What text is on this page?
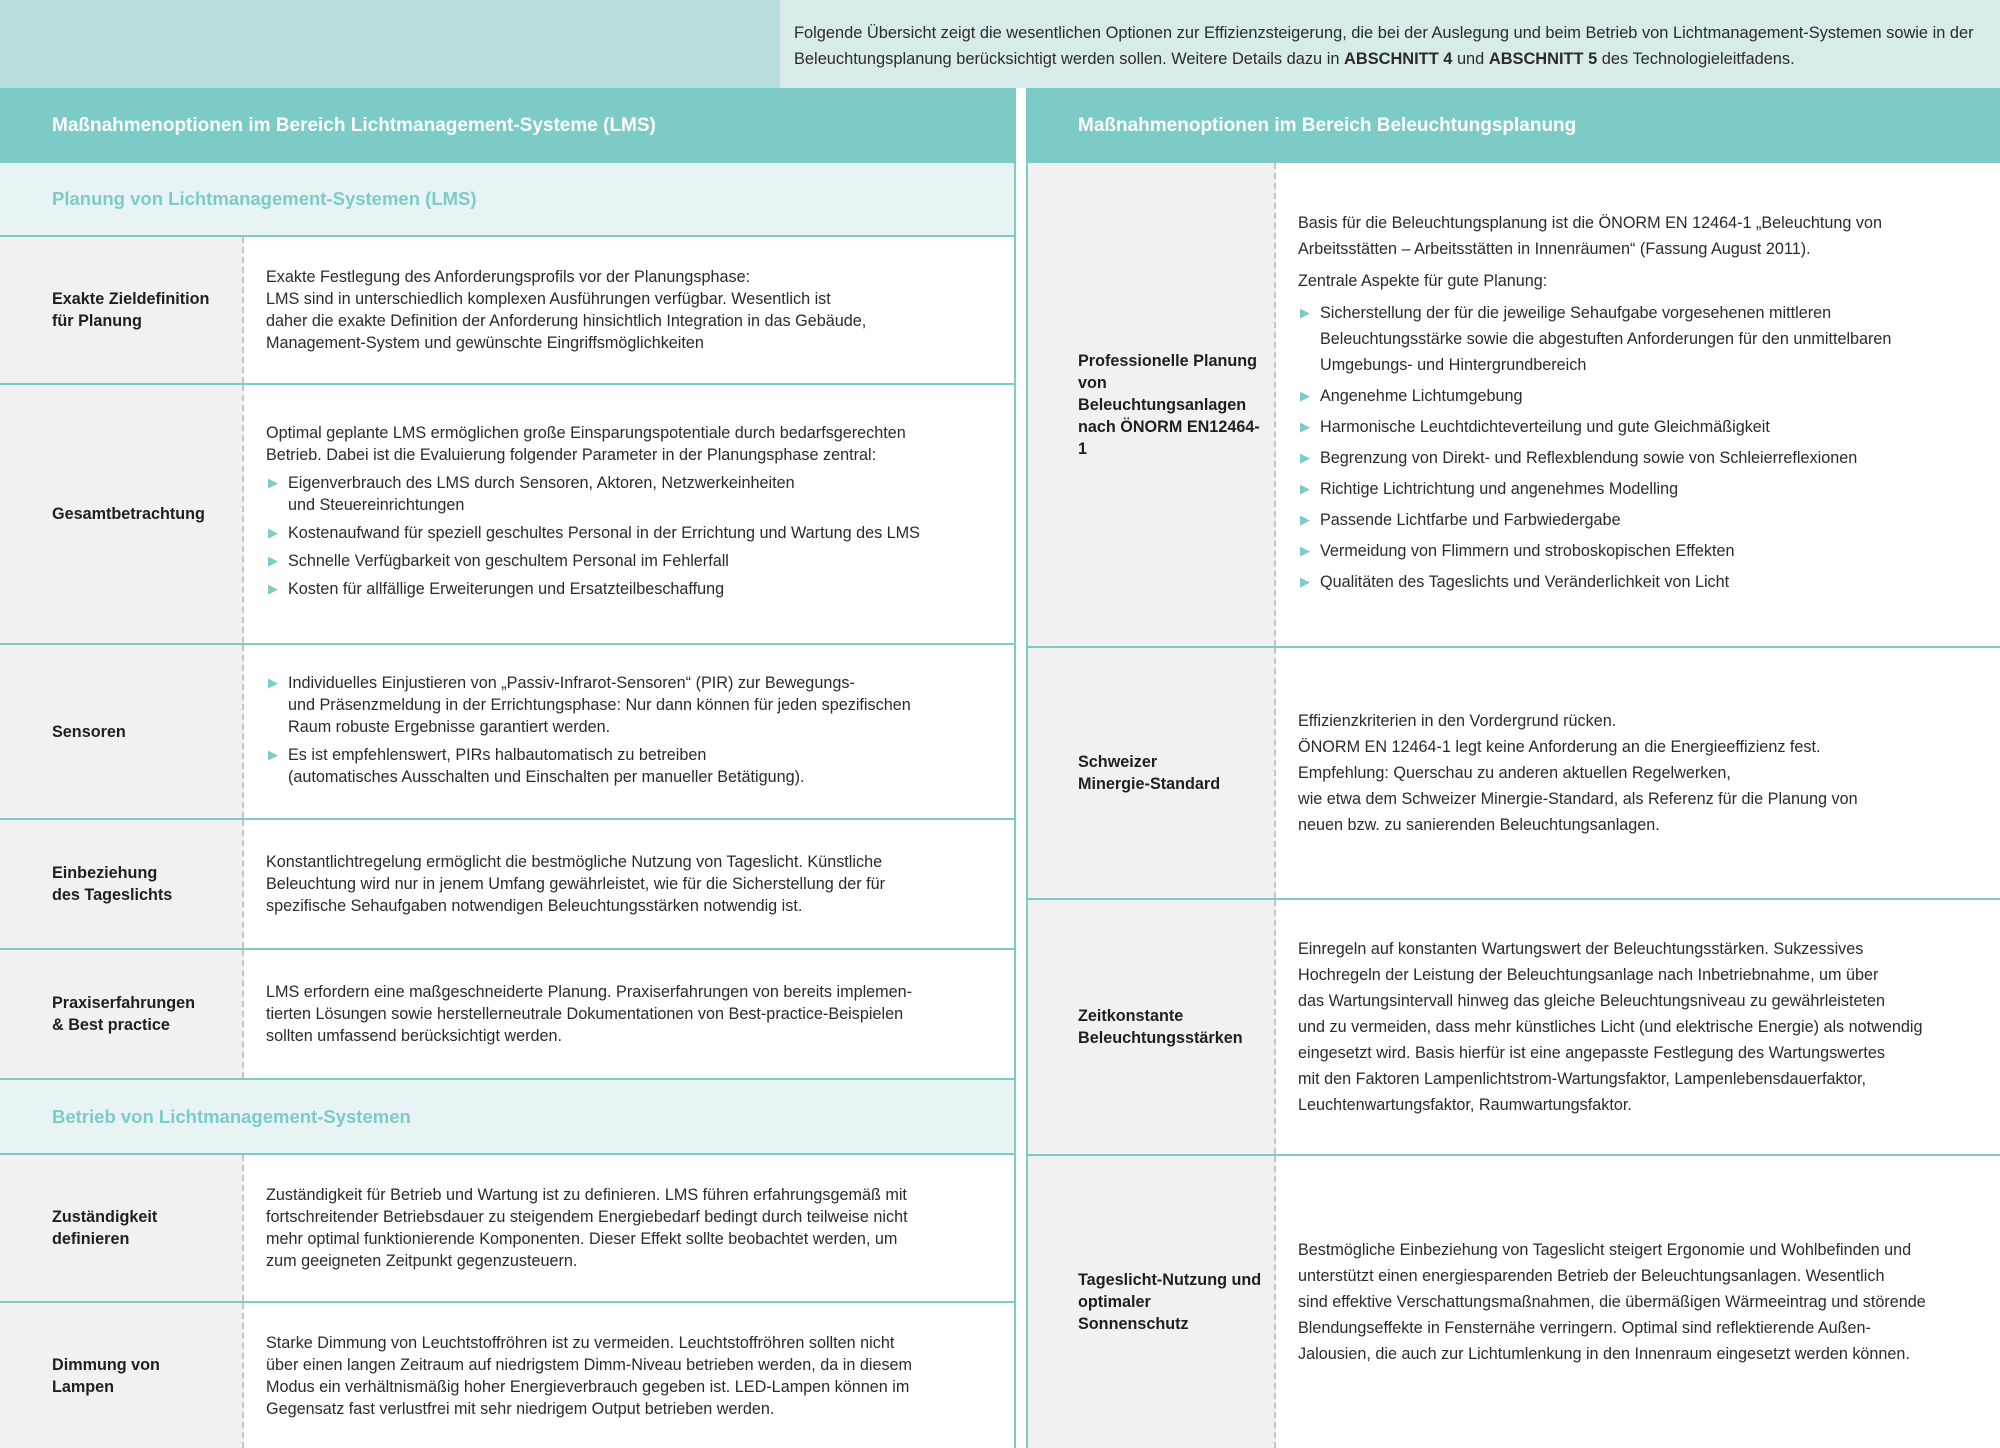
Folgende Übersicht zeigt die wesentlichen Optionen zur Effizienzsteigerung, die bei der Auslegung und beim Betrieb von Lichtmanagement-Systemen sowie in der Beleuchtungsplanung berücksichtigt werden sollen. Weitere Details dazu in ABSCHNITT 4 und ABSCHNITT 5 des Technologieleitfadens.
Maßnahmenoptionen im Bereich Lichtmanagement-Systeme (LMS)	Maßnahmenoptionen im Bereich Beleuchtungsplanung
Planung von Lichtmanagement-Systemen (LMS)
Exakte Zieldefinition
für Planung

Exakte Festlegung des Anforderungsprofils vor der Planungsphase:
LMS sind in unterschiedlich komplexen Ausführungen verfügbar. Wesentlich ist
daher die exakte Definition der Anforderung hinsichtlich Integration in das Gebäude,
Management-System und gewünschte Eingriffsmöglichkeiten

Gesamtbetrachtung

Optimal geplante LMS ermöglichen große Einsparungspotentiale durch bedarfsgerechten
Betrieb. Dabei ist die Evaluierung folgender Parameter in der Planungsphase zentral:

▶ Eigenverbrauch des LMS durch Sensoren, Aktoren, Netzwerkeinheiten
und Steuereinrichtungen
▶ Kostenaufwand für speziell geschultes Personal in der Errichtung und Wartung des LMS
▶ Schnelle Verfügbarkeit von geschultem Personal im Fehlerfall
▶ Kosten für allfällige Erweiterungen und Ersatzteilbeschaffung
Sensoren
▶ Individuelles Einjustieren von „Passiv-Infrarot-Sensoren“ (PIR) zur Bewegungs-
und Präsenzmeldung in der Errichtungsphase: Nur dann können für jeden spezifischen
Raum robuste Ergebnisse garantiert werden.
▶ Es ist empfehlenswert, PIRs halbautomatisch zu betreiben
(automatisches Ausschalten und Einschalten per manueller Betätigung).
Einbeziehung
des Tageslichts

Konstantlichtregelung ermöglicht die bestmögliche Nutzung von Tageslicht. Künstliche
Beleuchtung wird nur in jenem Umfang gewährleistet, wie für die Sicherstellung der für
spezifische Sehaufgaben notwendigen Beleuchtungsstärken notwendig ist.

Praxiserfahrungen
& Best practice

LMS erfordern eine maßgeschneiderte Planung. Praxiserfahrungen von bereits implemen-
tierten Lösungen sowie herstellerneutrale Dokumentationen von Best-practice-Beispielen
sollten umfassend berücksichtigt werden.

Betrieb von Lichtmanagement-Systemen
Zuständigkeit
definieren

Zuständigkeit für Betrieb und Wartung ist zu definieren. LMS führen erfahrungsgemäß mit
fortschreitender Betriebsdauer zu steigendem Energiebedarf bedingt durch teilweise nicht
mehr optimal funktionierende Komponenten. Dieser Effekt sollte beobachtet werden, um
zum geeigneten Zeitpunkt gegenzusteuern.

Dimmung von
Lampen

Starke Dimmung von Leuchtstoffröhren ist zu vermeiden. Leuchtstoffröhren sollten nicht
über einen langen Zeitraum auf niedrigstem Dimm-Niveau betrieben werden, da in diesem
Modus ein verhältnismäßig hoher Energieverbrauch gegeben ist. LED-Lampen können im
Gegensatz fast verlustfrei mit sehr niedrigem Output betrieben werden.

Professionelle Planung
von Beleuchtungsanlagen
nach ÖNORM EN12464-1

Basis für die Beleuchtungsplanung ist die ÖNORM EN 12464-1 „Beleuchtung von
Arbeitsstätten – Arbeitsstätten in Innenräumen“ (Fassung August 2011).

Zentrale Aspekte für gute Planung:

▶ Sicherstellung der für die jeweilige Sehaufgabe vorgesehenen mittleren
Beleuchtungsstärke sowie die abgestuften Anforderungen für den unmittelbaren
Umgebungs- und Hintergrundbereich
▶ Angenehme Lichtumgebung
▶ Harmonische Leuchtdichteverteilung und gute Gleichmäßigkeit
▶ Begrenzung von Direkt- und Reflexblendung sowie von Schleierreflexionen
▶ Richtige Lichtrichtung und angenehmes Modelling
▶ Passende Lichtfarbe und Farbwiedergabe
▶ Vermeidung von Flimmern und stroboskopischen Effekten
▶ Qualitäten des Tageslichts und Veränderlichkeit von Licht
Schweizer
Minergie-Standard

Effizienzkriterien in den Vordergrund rücken.
ÖNORM EN 12464-1 legt keine Anforderung an die Energieeffizienz fest.
Empfehlung: Querschau zu anderen aktuellen Regelwerken,
wie etwa dem Schweizer Minergie-Standard, als Referenz für die Planung von
neuen bzw. zu sanierenden Beleuchtungsanlagen.

Zeitkonstante
Beleuchtungsstärken

Einregeln auf konstanten Wartungswert der Beleuchtungsstärken. Sukzessives
Hochregeln der Leistung der Beleuchtungsanlage nach Inbetriebnahme, um über
das Wartungsintervall hinweg das gleiche Beleuchtungsniveau zu gewährleisteten
und zu vermeiden, dass mehr künstliches Licht (und elektrische Energie) als notwendig
eingesetzt wird. Basis hierfür ist eine angepasste Festlegung des Wartungswertes
mit den Faktoren Lampenlichtstrom-Wartungsfaktor, Lampenlebensdauerfaktor,
Leuchtenwartungsfaktor, Raumwartungsfaktor.

Tageslicht-Nutzung und
optimaler Sonnenschutz

Bestmögliche Einbeziehung von Tageslicht steigert Ergonomie und Wohlbefinden und
unterstützt einen energiesparenden Betrieb der Beleuchtungsanlagen. Wesentlich
sind effektive Verschattungsmaßnahmen, die übermäßigen Wärmeeintrag und störende
Blendungseffekte in Fensternähe verringern. Optimal sind reflektierende Außen-
Jalousien, die auch zur Lichtumlenkung in den Innenraum eingesetzt werden können.
